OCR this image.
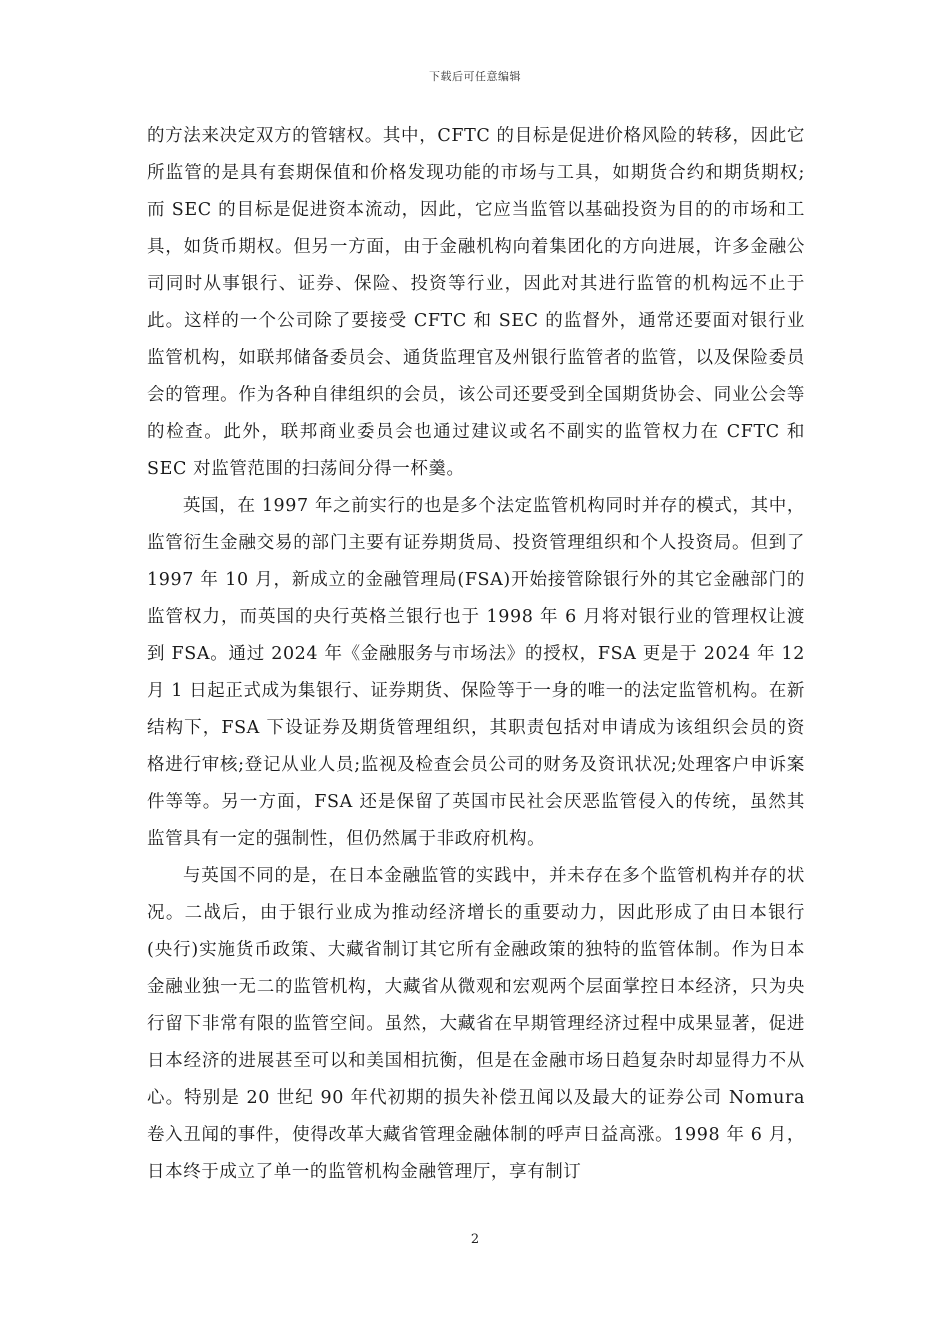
下载后可任意编辑

的方法来决定双方的管辖权。其中，CFTC 的目标是促进价格风险的转移，因此它所监管的是具有套期保值和价格发现功能的市场与工具，如期货合约和期货期权;而 SEC 的目标是促进资本流动，因此，它应当监管以基础投资为目的的市场和工具，如货币期权。但另一方面，由于金融机构向着集团化的方向进展，许多金融公司同时从事银行、证券、保险、投资等行业，因此对其进行监管的机构远不止于此。这样的一个公司除了要接受 CFTC 和 SEC 的监督外，通常还要面对银行业监管机构，如联邦储备委员会、通货监理官及州银行监管者的监管，以及保险委员会的管理。作为各种自律组织的会员，该公司还要受到全国期货协会、同业公会等的检查。此外，联邦商业委员会也通过建议或名不副实的监管权力在 CFTC 和 SEC 对监管范围的扫荡间分得一杯羹。

英国，在 1997 年之前实行的也是多个法定监管机构同时并存的模式，其中，监管衍生金融交易的部门主要有证券期货局、投资管理组织和个人投资局。但到了 1997 年 10 月，新成立的金融管理局(FSA)开始接管除银行外的其它金融部门的监管权力，而英国的央行英格兰银行也于 1998 年 6 月将对银行业的管理权让渡到 FSA。通过 2024 年《金融服务与市场法》的授权，FSA 更是于 2024 年 12 月 1 日起正式成为集银行、证券期货、保险等于一身的唯一的法定监管机构。在新结构下，FSA 下设证券及期货管理组织，其职责包括对申请成为该组织会员的资格进行审核;登记从业人员;监视及检查会员公司的财务及资讯状况;处理客户申诉案件等等。另一方面，FSA 还是保留了英国市民社会厌恶监管侵入的传统，虽然其监管具有一定的强制性，但仍然属于非政府机构。

与英国不同的是，在日本金融监管的实践中，并未存在多个监管机构并存的状况。二战后，由于银行业成为推动经济增长的重要动力，因此形成了由日本银行(央行)实施货币政策、大藏省制订其它所有金融政策的独特的监管体制。作为日本金融业独一无二的监管机构，大藏省从微观和宏观两个层面掌控日本经济，只为央行留下非常有限的监管空间。虽然，大藏省在早期管理经济过程中成果显著，促进日本经济的进展甚至可以和美国相抗衡，但是在金融市场日趋复杂时却显得力不从心。特别是 20 世纪 90 年代初期的损失补偿丑闻以及最大的证券公司 Nomura 卷入丑闻的事件，使得改革大藏省管理金融体制的呼声日益高涨。1998 年 6 月，日本终于成立了单一的监管机构金融管理厅，享有制订

2
